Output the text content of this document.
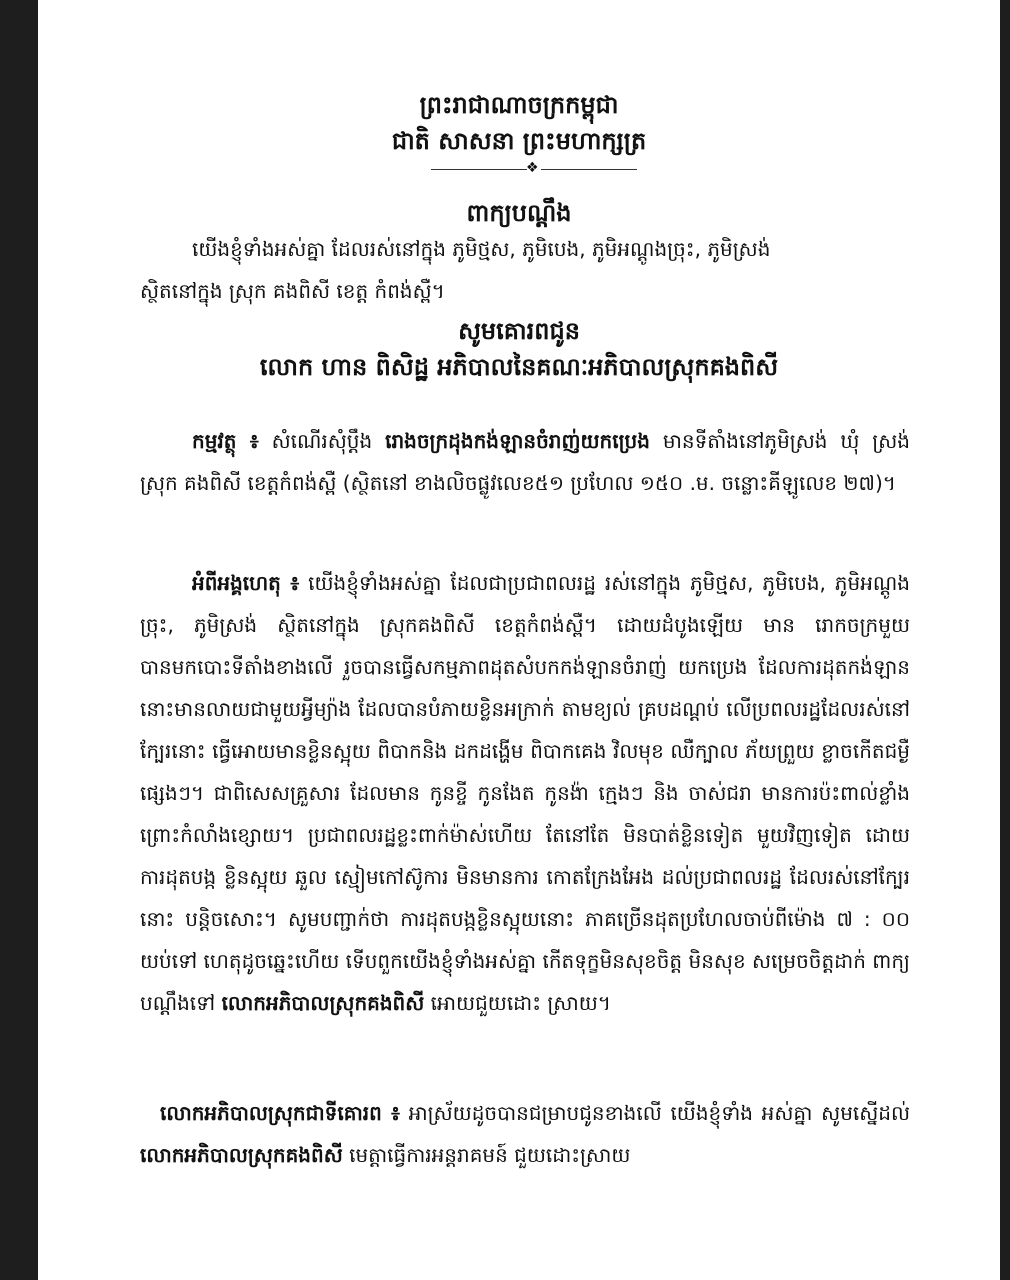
ព្រះរាជាណាចក្រកម្ពុជា
ជាតិ សាសនា ព្រះមហាក្សត្រ
❖
ពាក្យបណ្តឹង
យើងខ្ញុំទាំងអស់គ្នា ដែលរស់នៅក្នុង ភូមិថ្មស, ភូមិបេង, ភូមិអណ្តូងច្រុះ, ភូមិស្រង់
ស្ថិតនៅក្នុង ស្រុក គងពិសី ខេត្ត កំពង់ស្ពឺ។
សូមគោរពជូន
លោក ហាន ពិសិដ្ឋ អភិបាលនៃគណៈអភិបាលស្រុកគងពិសី
កម្មវត្ថុ ៖ សំណើរសុំប្តឹង រោងចក្រដុងកង់ឡានចំរាញ់យកប្រេង មានទីតាំងនៅភូមិស្រង់ ឃុំ ស្រង់ ស្រុក គងពិសី ខេត្តកំពង់ស្ពឺ (ស្ថិតនៅ ខាងលិចផ្លូវលេខ៥១ ប្រហែល ១៥០ .ម. ចន្លោះគីឡូលេខ ២៧)។
អំពីអង្គហេតុ ៖ យើងខ្ញុំទាំងអស់គ្នា ដែលជាប្រជាពលរដ្ឋ រស់នៅក្នុង ភូមិថ្មស, ភូមិបេង, ភូមិអណ្តូងច្រុះ, ភូមិស្រង់ ស្ថិតនៅក្នុង ស្រុកគងពិសី ខេត្តកំពង់ស្ពឺ។ ដោយដំបូងឡើយ មាន រោកចក្រមួយ បានមកបោះទីតាំងខាងលើ រួចបានធ្វើសកម្មភាពដុតសំបកកង់ឡានចំរាញ់ យកប្រេង ដែលការដុតកង់ឡាននោះមានលាយជាមួយអ្វីម្យ៉ាង ដែលបានបំភាយខ្លិនអក្រាក់ តាមខ្យល់ គ្របដណ្តប់ លើប្រពលរដ្ឋដែលរស់នៅក្បែរនោះ ធ្វើអោយមានខ្លិនស្អុយ ពិបាកនិង ដកដង្ហើម ពិបាកគេង វិលមុខ ឈឺក្បាល ភ័យព្រួយ ខ្លាចកើតជម្ងឺផ្សេងៗ។ ជាពិសេសគ្រួសារ ដែលមាន កូនខ្ចី កូនងែត កូនង៉ា ក្មេងៗ និង ចាស់ជរា មានការប៉ះពាល់ខ្លាំងព្រោះកំលាំងខ្សោយ។ ប្រជាពលរដ្ឋខ្លះពាក់ម៉ាស់ហើយ តែនៅតែ មិនបាត់ខ្លិនទៀត មួយវិញទៀត ដោយការដុតបង្ក ខ្លិនស្អុយ ឆួល ស្មៀមកៅស៊ូការ មិនមានការ កោតក្រែងអែង ដល់ប្រជាពលរដ្ឋ ដែលរស់នៅក្បែរ នោះ បន្តិចសោះ។ សូមបញ្ជាក់ថា ការដុតបង្កខ្លិនស្អុយនោះ ភាគច្រើនដុតប្រហែលចាប់ពីម៉ោង ៧ : ០០ យប់ទៅ ហេតុដូចឆ្នេះហើយ ទើបពួកយើងខ្ញុំទាំងអស់គ្នា កើតទុក្ខមិនសុខចិត្ត មិនសុខ សម្រេចចិត្តដាក់ ពាក្យបណ្តឹងទៅ លោកអភិបាលស្រុកគងពិសី អោយជួយដោះ ស្រាយ។
លោកអភិបាលស្រុកជាទីគោរព ៖ អាស្រ័យដូចបានជម្រាបជូនខាងលើ យើងខ្ញុំទាំង អស់គ្នា សូមស្នើដល់ លោកអភិបាលស្រុកគងពិសី មេត្តាធ្វើការអន្តរាគមន៍ ជួយដោះស្រាយ
